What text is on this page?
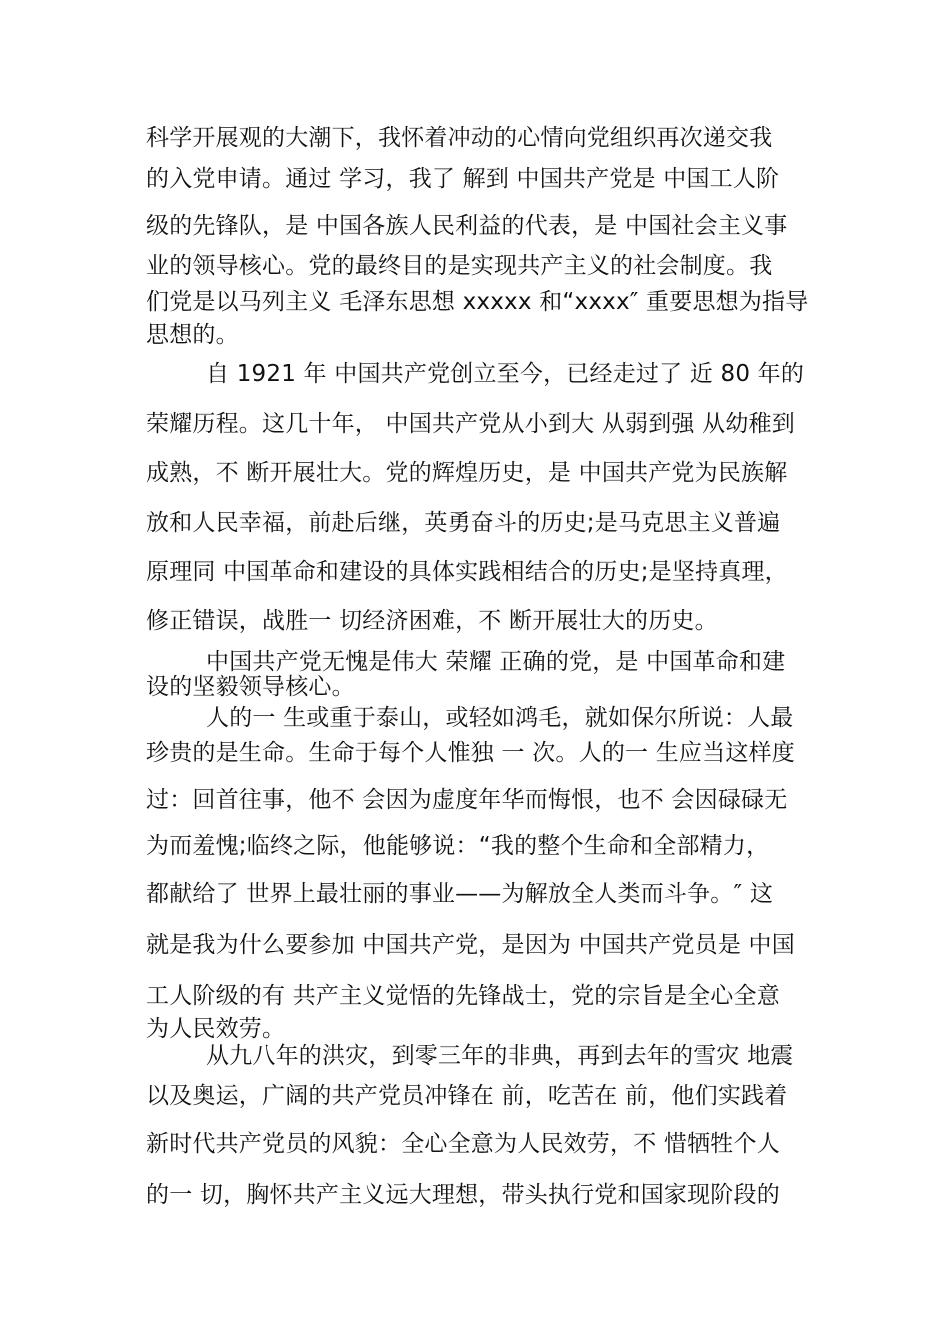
科学开展观的大潮下，我怀着冲动的心情向党组织再次递交我
的入党申请。通过 学习，我了 解到 中国共产党是 中国工人阶
级的先锋队，是 中国各族人民利益的代表，是 中国社会主义事
业的领导核心。党的最终目的是实现共产主义的社会制度。我
们党是以马列主义 毛泽东思想 xxxxx 和“xxxx″ 重要思想为指导
思想的。
自 1921 年 中国共产党创立至今，已经走过了 近 80 年的
荣耀历程。这几十年， 中国共产党从小到大 从弱到强 从幼稚到
成熟，不 断开展壮大。党的辉煌历史，是 中国共产党为民族解
放和人民幸福，前赴后继，英勇奋斗的历史;是马克思主义普遍
原理同 中国革命和建设的具体实践相结合的历史;是坚持真理，
修正错误，战胜一 切经济困难，不 断开展壮大的历史。
中国共产党无愧是伟大 荣耀 正确的党，是 中国革命和建
设的坚毅领导核心。
人的一 生或重于泰山，或轻如鸿毛，就如保尔所说：人最
珍贵的是生命。生命于每个人惟独 一 次。人的一 生应当这样度
过：回首往事，他不 会因为虚度年华而悔恨，也不 会因碌碌无
为而羞愧;临终之际，他能够说：“我的整个生命和全部精力，
都献给了 世界上最壮丽的事业——为解放全人类而斗争。″ 这
就是我为什么要参加 中国共产党，是因为 中国共产党员是 中国
工人阶级的有 共产主义觉悟的先锋战士，党的宗旨是全心全意
为人民效劳。
从九八年的洪灾，到零三年的非典，再到去年的雪灾 地震
以及奥运，广阔的共产党员冲锋在 前，吃苦在 前，他们实践着
新时代共产党员的风貌：全心全意为人民效劳，不 惜牺牲个人
的一 切，胸怀共产主义远大理想，带头执行党和国家现阶段的
